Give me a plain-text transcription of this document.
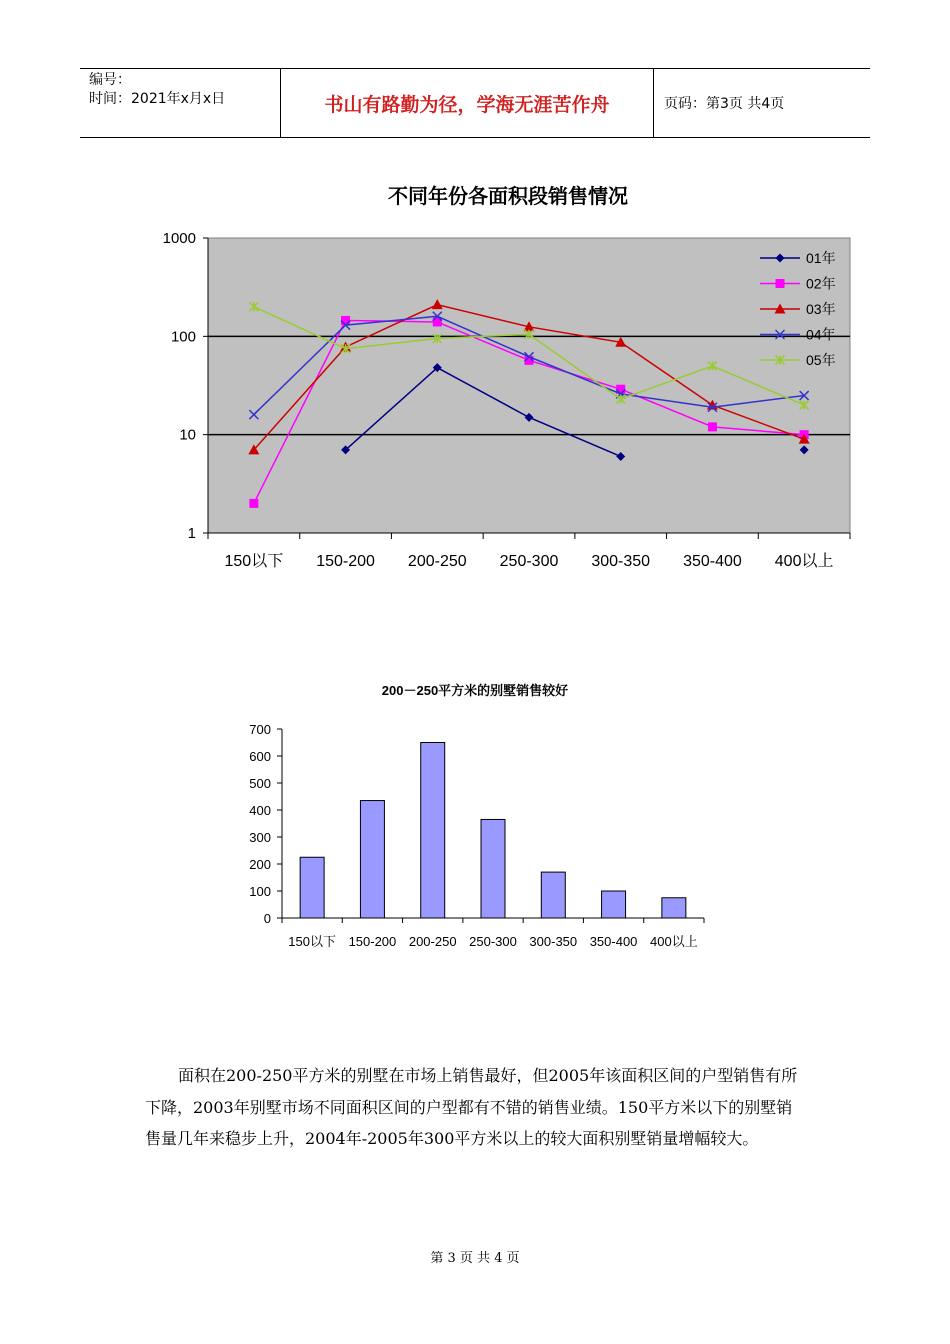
编号：
时间：2021年x月x日	书山有路勤为径，学海无涯苦作舟	页码：第3页 共4页
不同年份各面积段销售情况
1
10
100
1000
150以下 150-200 200-250 250-300 300-350 350-400 400以上
01年
02年
03年
04年
05年
200－250平方米的别墅销售较好
0
100
200
300
400
500
600
700
150以下 150-200 200-250 250-300 300-350 350-400 400以上
面积在200-250平方米的别墅在市场上销售最好，但2005年该面积区间的户型销售有所下降，2003年别墅市场不同面积区间的户型都有不错的销售业绩。150平方米以下的别墅销售量几年来稳步上升，2004年-2005年300平方米以上的较大面积别墅销量增幅较大。
第 3 页 共 4 页
